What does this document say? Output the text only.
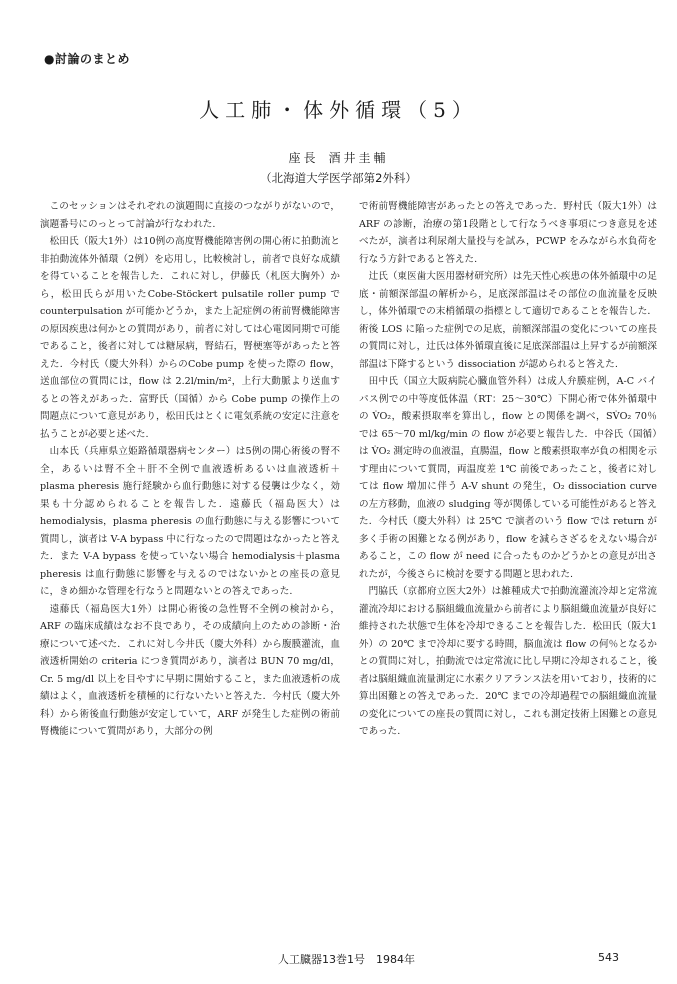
●討論のまとめ
人工肺・体外循環（5）
座長 酒井圭輔
（北海道大学医学部第2外科）

このセッションはそれぞれの演題間に直接のつながりがないので，演題番号にのっとって討論が行なわれた.

松田氏（阪大1外）は10例の高度腎機能障害例の開心術に拍動流と非拍動流体外循環（2例）を応用し，比較検討し，前者で良好な成績を得ていることを報告した．これに対し，伊藤氏（札医大胸外）から，松田氏らが用いたCobe-Stöckert pulsatile roller pump で counterpulsation が可能かどうか，また上記症例の術前腎機能障害の原因疾患は何かとの質問があり，前者に対しては心電図同期で可能であること，後者に対しては糖尿病，腎結石，腎梗塞等があったと答えた．今村氏（慶大外科）からのCobe pump を使った際の flow，送血部位の質問には，flow は 2.2l/min/m²，上行大動脈より送血するとの答えがあった．富野氏（国循）から Cobe pump の操作上の問題点について意見があり，松田氏はとくに電気系統の安定に注意を払うことが必要と述べた.

山本氏（兵庫県立姫路循環器病センター）は5例の開心術後の腎不全，あるいは腎不全＋肝不全例で血液透析あるいは血液透析＋plasma pheresis 施行経験から血行動態に対する侵襲は少なく，効果も十分認められることを報告した．遠藤氏（福島医大）は hemodialysis，plasma pheresis の血行動態に与える影響について質問し，演者は V-A bypass 中に行なったので問題はなかったと答えた．また V-A bypass を使っていない場合 hemodialysis＋plasma pheresis は血行動態に影響を与えるのではないかとの座長の意見に，きめ細かな管理を行なうと問題ないとの答えであった.

遠藤氏（福島医大1外）は開心術後の急性腎不全例の検討から，ARF の臨床成績はなお不良であり，その成績向上のための診断・治療について述べた．これに対し今井氏（慶大外科）から腹膜灌流，血液透析開始の criteria につき質問があり，演者は BUN 70 mg/dl，Cr. 5 mg/dl 以上を目やすに早期に開始すること，また血液透析の成績はよく，血液透析を積極的に行ないたいと答えた．今村氏（慶大外科）から術後血行動態が安定していて，ARF が発生した症例の術前腎機能について質問があり，大部分の例

で術前腎機能障害があったとの答えであった．野村氏（阪大1外）は ARF の診断，治療の第1段階として行なうべき事項につき意見を述べたが，演者は利尿剤大量投与を試み，PCWP をみながら水負荷を行なう方針であると答えた.

辻氏（東医歯大医用器材研究所）は先天性心疾患の体外循環中の足底・前額深部温の解析から，足底深部温はその部位の血流量を反映し，体外循環での末梢循環の指標として適切であることを報告した．術後 LOS に陥った症例での足底，前額深部温の変化についての座長の質問に対し，辻氏は体外循環直後に足底深部温は上昇するが前額深部温は下降するという dissociation が認められると答えた.

田中氏（国立大阪病院心臓血管外科）は成人弁膜症例，A-C バイパス例での中等度低体温（RT：25～30℃）下開心術で体外循環中の V̇O₂，酸素摂取率を算出し，flow との関係を調べ，SV̇O₂ 70％ では 65～70 ml/kg/min の flow が必要と報告した．中谷氏（国循）は V̇O₂ 測定時の血液温，直腸温，flow と酸素摂取率が負の相関を示す理由について質問，両温度差 1℃ 前後であったこと，後者に対しては flow 増加に伴う A-V shunt の発生，O₂ dissociation curve の左方移動，血液の sludging 等が関係している可能性があると答えた．今村氏（慶大外科）は 25℃ で演者のいう flow では return が多く手術の困難となる例があり，flow を減らさざるをえない場合があること，この flow が need に合ったものかどうかとの意見が出されたが，今後さらに検討を要する問題と思われた.

門脇氏（京都府立医大2外）は雑種成犬で拍動流灌流冷却と定常流灌流冷却における脳組織血流量から前者により脳組織血流量が良好に維持された状態で生体を冷却できることを報告した．松田氏（阪大1外）の 20℃ まで冷却に要する時間，脳血流は flow の何％となるかとの質問に対し，拍動流では定常流に比し早期に冷却されること，後者は脳組織血流量測定に水素クリアランス法を用いており，技術的に算出困難との答えであった．20℃ までの冷却過程での脳組織血流量の変化についての座長の質問に対し，これも測定技術上困難との意見であった.

人工臓器13巻1号　1984年	543
